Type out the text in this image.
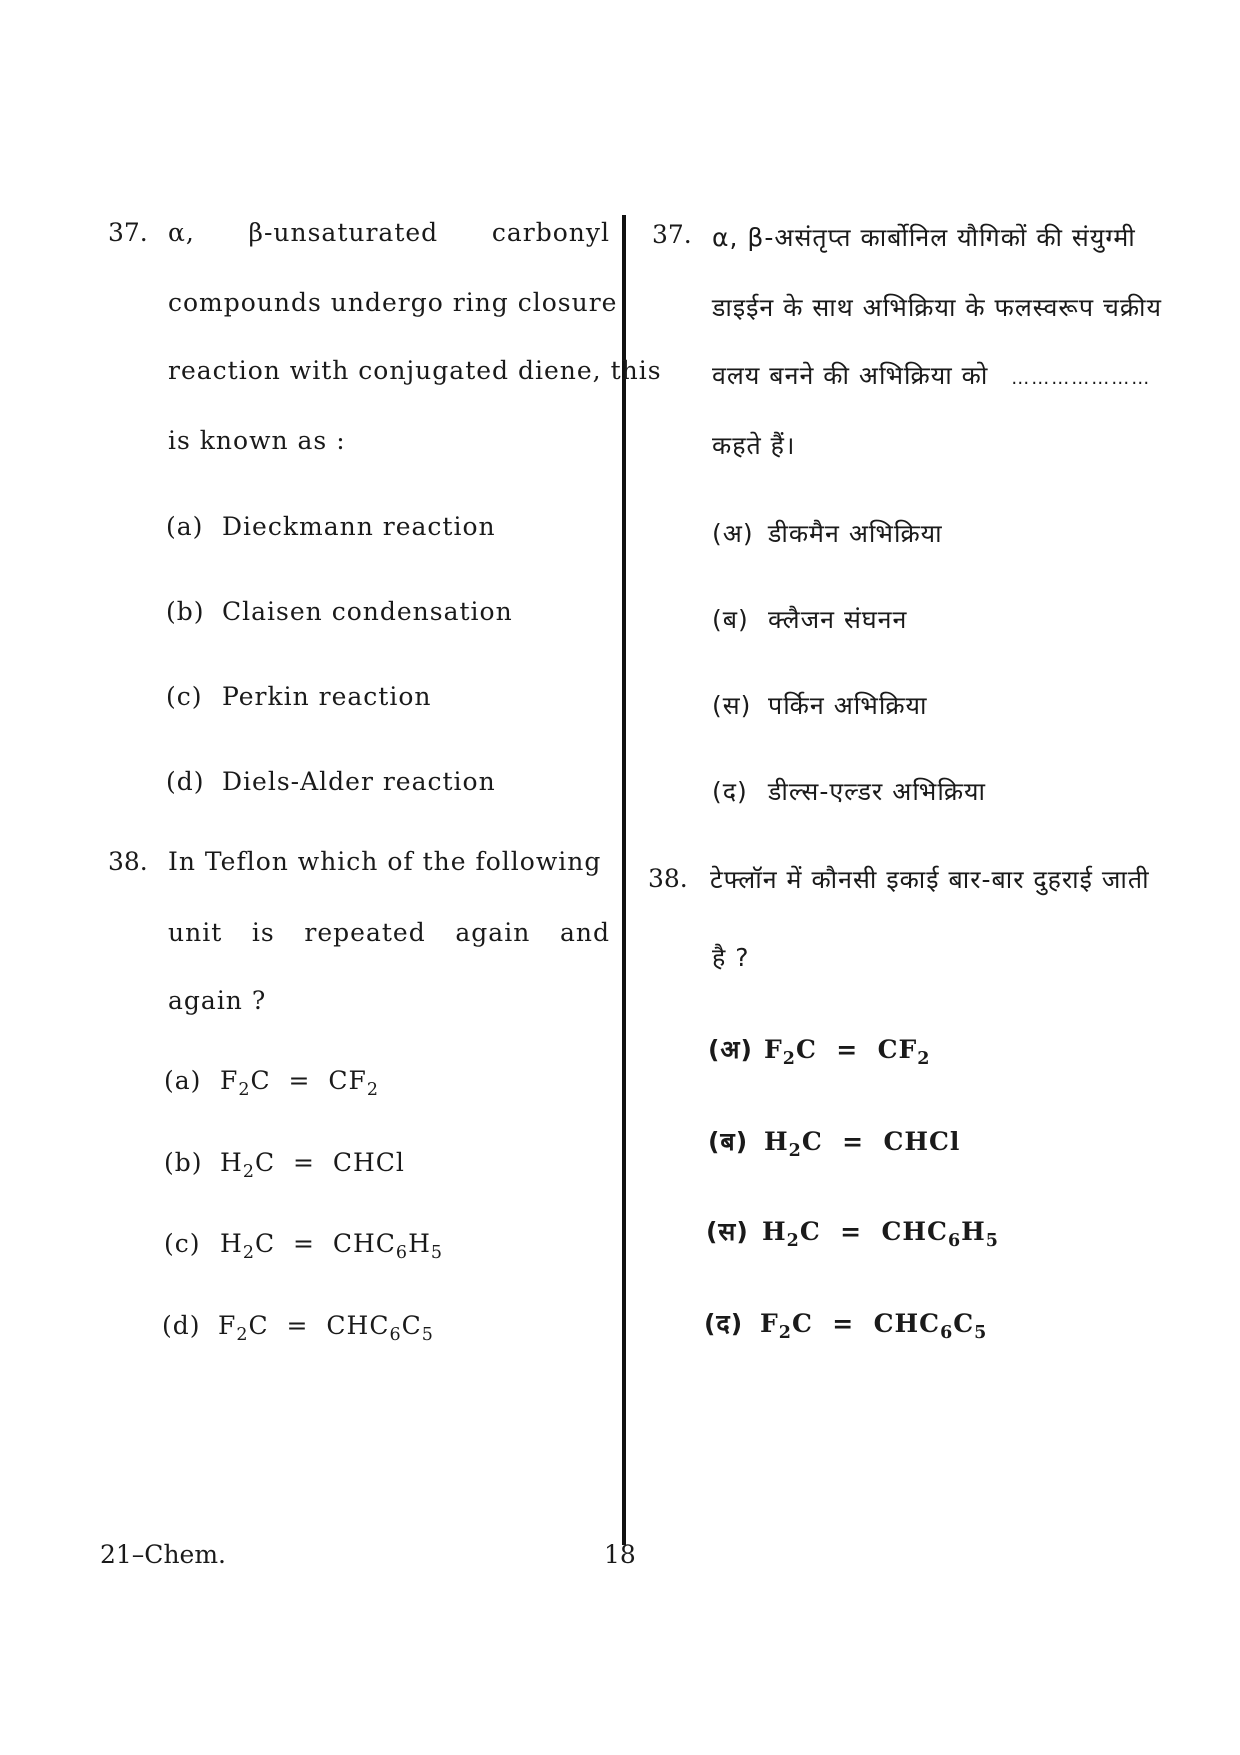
37. α, β-unsaturated carbonyl
compounds undergo ring closure
reaction with conjugated diene, this
is known as :
(a) Dieckmann reaction
(b) Claisen condensation
(c) Perkin reaction
(d) Diels-Alder reaction
38. In Teflon which of the following
unit is repeated again and
again ?
(a) $F_2C = CF_2$
(b) $H_2C$ = CHCl
(c) $H_2C = CHC_6H_5$
(d) $F_2C = CHC_6C_5$
37. α, β-असंतृप्त कार्बोनिल यौगिकों की संयुग्मी
डाइईन के साथ अभिक्रिया के फलस्वरूप चक्रीय
वलय बनने की अभिक्रिया को …………………
कहते हैं।
(अ) डीकमैन अभिक्रिया
(ब) क्लैजन संघनन
(स) पर्किन अभिक्रिया
(द) डील्स-एल्डर अभिक्रिया
38. टेफ्लॉन में कौनसी इकाई बार-बार दुहराई जाती
है ?
(अ) $F_2C = CF_2$
(ब) $H_2C$ = CHCl
(स) $H_2C = CHC_6H_5$
(द) $F_2C = CHC_6C_5$
21–Chem.	18
